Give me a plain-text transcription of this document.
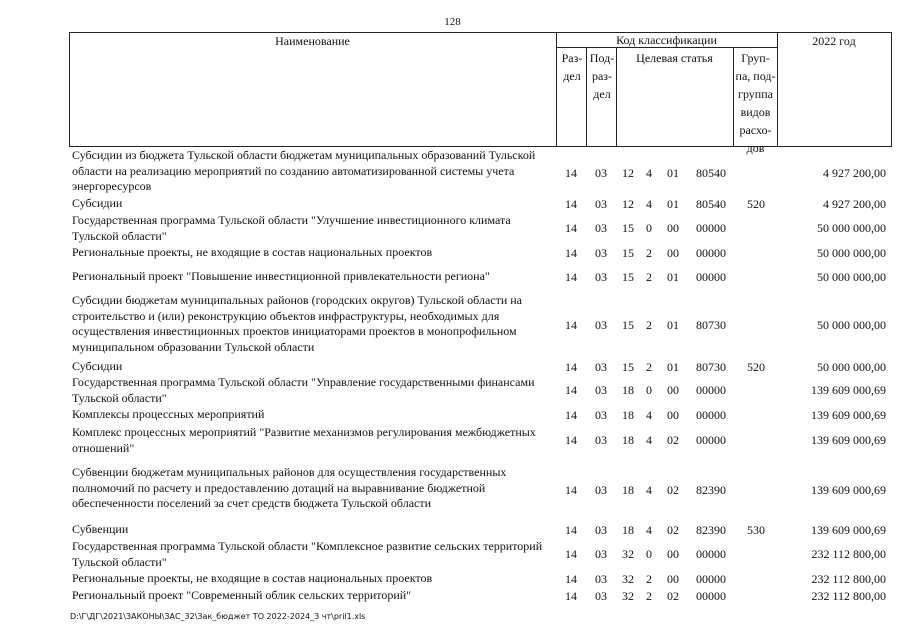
128
Наименование	Код классификации	2022 год
Раз- дел
Под- раз- дел
Целевая статья	Груп- па, под- группа видов расхо- дов
Субсидии из бюджета Тульской области бюджетам муниципальных образований Тульской области на реализацию мероприятий по созданию автоматизированной системы учета энергоресурсов
14	03	12	4	01	80540	4 927 200,00
Субсидии	14	03	12	4	01	80540	520	4 927 200,00
Государственная программа Тульской области "Улучшение инвестиционного климата Тульской области"
14	03	15	0	00	00000	50 000 000,00
Региональные проекты, не входящие в состав национальных проектов	14	03	15	2	00	00000	50 000 000,00
Региональный проект "Повышение инвестиционной привлекательности региона"	14	03	15	2	01	00000	50 000 000,00
Субсидии бюджетам муниципальных районов (городских округов) Тульской области на строительство и (или) реконструкцию объектов инфраструктуры, необходимых для осуществления инвестиционных проектов инициаторами проектов в монопрофильном муниципальном образовании Тульской области
14	03	15	2	01	80730	50 000 000,00
Субсидии	14	03	15	2	01	80730	520	50 000 000,00
Государственная программа Тульской области "Управление государственными финансами Тульской области"
14	03	18	0	00	00000	139 609 000,69
Комплексы процессных мероприятий	14	03	18	4	00	00000	139 609 000,69
Комплекс процессных мероприятий "Развитие механизмов регулирования межбюджетных отношений"
14	03	18	4	02	00000	139 609 000,69
Субвенции бюджетам муниципальных районов для осуществления государственных полномочий по расчету и предоставлению дотаций на выравнивание бюджетной обеспеченности поселений за счет средств бюджета Тульской области
14	03	18	4	02	82390	139 609 000,69
Субвенции	14	03	18	4	02	82390	530	139 609 000,69
Государственная программа Тульской области "Комплексное развитие сельских территорий Тульской области"
14	03	32	0	00	00000	232 112 800,00
Региональные проекты, не входящие в состав национальных проектов	14	03	32	2	00	00000	232 112 800,00
Региональный проект "Современный облик сельских территорий"	14	03	32	2	02	00000	232 112 800,00
D:\Г\ДГ\2021\ЗАКОНЫ\ЗАС_32\Зак_бюджет ТО 2022-2024_3 чт\pril1.xls
